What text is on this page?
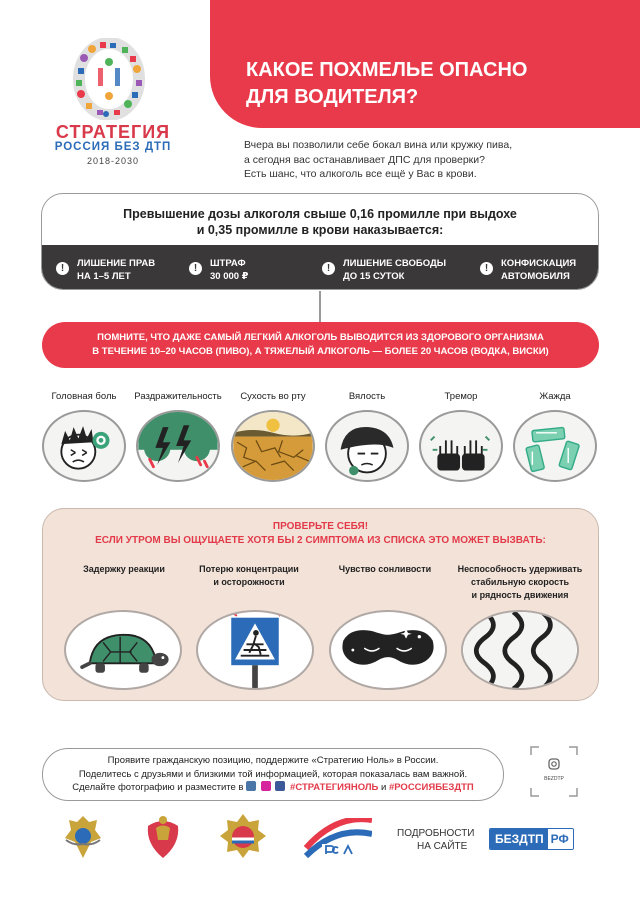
КАКОЕ ПОХМЕЛЬЕ ОПАСНО
ДЛЯ ВОДИТЕЛЯ?
Вчера вы позволили себе бокал вина или кружку пива,
а сегодня вас останавливает ДПС для проверки?
Есть шанс, что алкоголь все ещё у Вас в крови.
СТРАТЕГИЯ
РОССИЯ БЕЗ ДТП
2018-2030
Превышение дозы алкоголя свыше 0,16 промилле при выдохе
и 0,35 промилле в крови наказывается:
!	ЛИШЕНИЕ ПРАВ
НА 1–5 ЛЕТ
!	ШТРАФ
30 000 ₽
!	ЛИШЕНИЕ СВОБОДЫ
ДО 15 СУТОК
!	КОНФИСКАЦИЯ
АВТОМОБИЛЯ
ПОМНИТЕ, ЧТО ДАЖЕ САМЫЙ ЛЕГКИЙ АЛКОГОЛЬ ВЫВОДИТСЯ ИЗ ЗДОРОВОГО ОРГАНИЗМА
В ТЕЧЕНИЕ 10–20 ЧАСОВ (ПИВО), А ТЯЖЕЛЫЙ АЛКОГОЛЬ — БОЛЕЕ 20 ЧАСОВ (ВОДКА, ВИСКИ)
Головная боль	Раздражительность	Сухость во рту	Вялость	Тремор	Жажда
ПРОВЕРЬТЕ СЕБЯ!
ЕСЛИ УТРОМ ВЫ ОЩУЩАЕТЕ ХОТЯ БЫ 2 СИМПТОМА ИЗ СПИСКА ЭТО МОЖЕТ ВЫЗВАТЬ:
Задержку реакции	Потерю концентрации
и осторожности
Чувство сонливости	Неспособность удерживать
стабильную скорость
и рядность движения
Проявите гражданскую позицию, поддержите «Стратегию Ноль» в России.
Поделитесь с друзьями и близкими той информацией, которая показалась вам важной.
Сделайте фотографию и разместите в	#СТРАТЕГИЯНОЛЬ и #РОССИЯБЕЗДТП
BEZDTP
ПОДРОБНОСТИ
НА САЙТЕ
БЕЗДТП РФ
